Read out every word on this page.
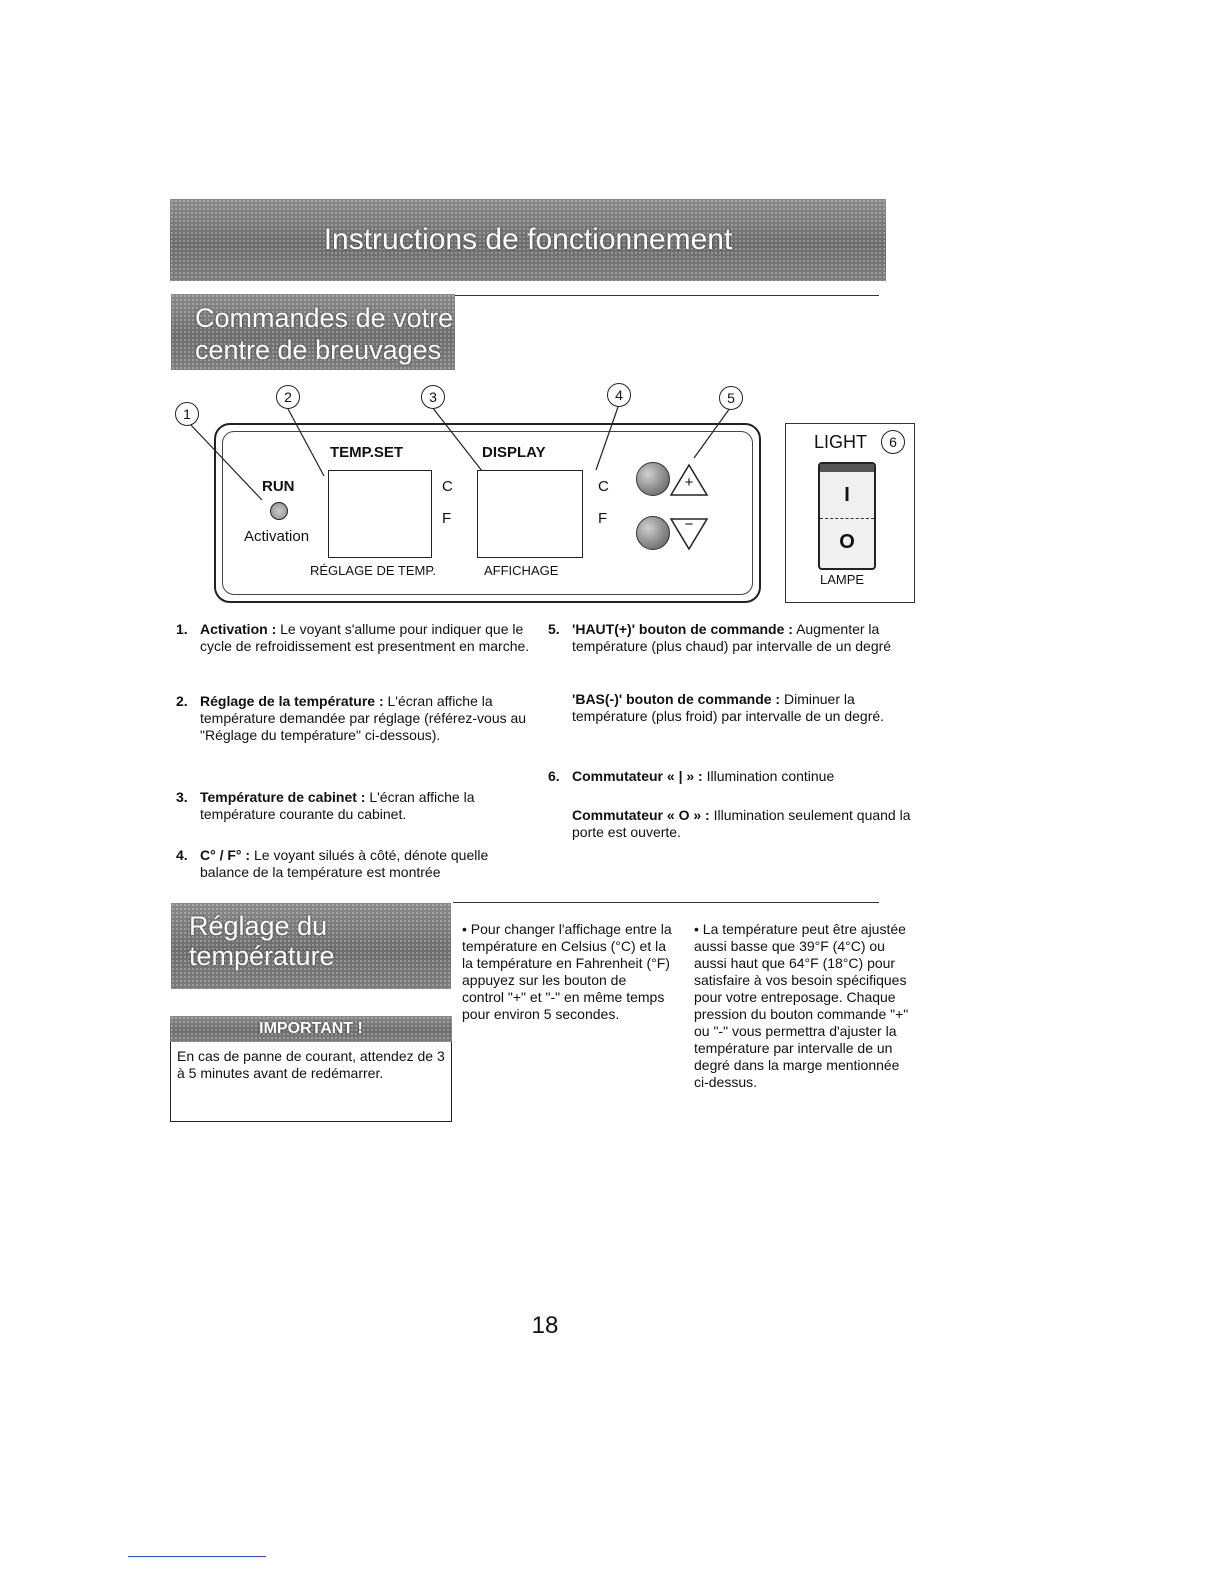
Instructions de fonctionnement
Commandes de votre
centre de breuvages
1
2	3	4	5
RUN
Activation
TEMP.SET
C
F
RÉGLAGE DE TEMP.
DISPLAY
C
F
AFFICHAGE
+
−
LIGHT	6
I
O
LAMPE
1. Activation : Le voyant s'allume pour indiquer que le cycle de refroidissement est presentment en marche.
2. Réglage de la température : L'écran affiche la température demandée par réglage (référez-vous au "Réglage du température" ci-dessous).
3. Température de cabinet : L'écran affiche la température courante du cabinet.
4. C° / F° : Le voyant silués à côté, dénote quelle balance de la température est montrée
5. 'HAUT(+)' bouton de commande : Augmenter la température (plus chaud) par intervalle de un degré
'BAS(-)' bouton de commande : Diminuer la température (plus froid) par intervalle de un degré.
6. Commutateur « | » : Illumination continue
Commutateur « O » : Illumination seulement quand la porte est ouverte.
Réglage du
température
IMPORTANT !
En cas de panne de courant, attendez de 3 à 5 minutes avant de redémarrer.
• Pour changer l'affichage entre la température en Celsius (°C) et la la température en Fahrenheit (°F) appuyez sur les bouton de control "+" et "-" en même temps pour environ 5 secondes.
• La température peut être ajustée aussi basse que 39°F (4°C) ou aussi haut que 64°F (18°C) pour satisfaire à vos besoin spécifiques pour votre entreposage. Chaque pression du bouton commande "+" ou "-" vous permettra d'ajuster la température par intervalle de un degré dans la marge mentionnée ci-dessus.
18
